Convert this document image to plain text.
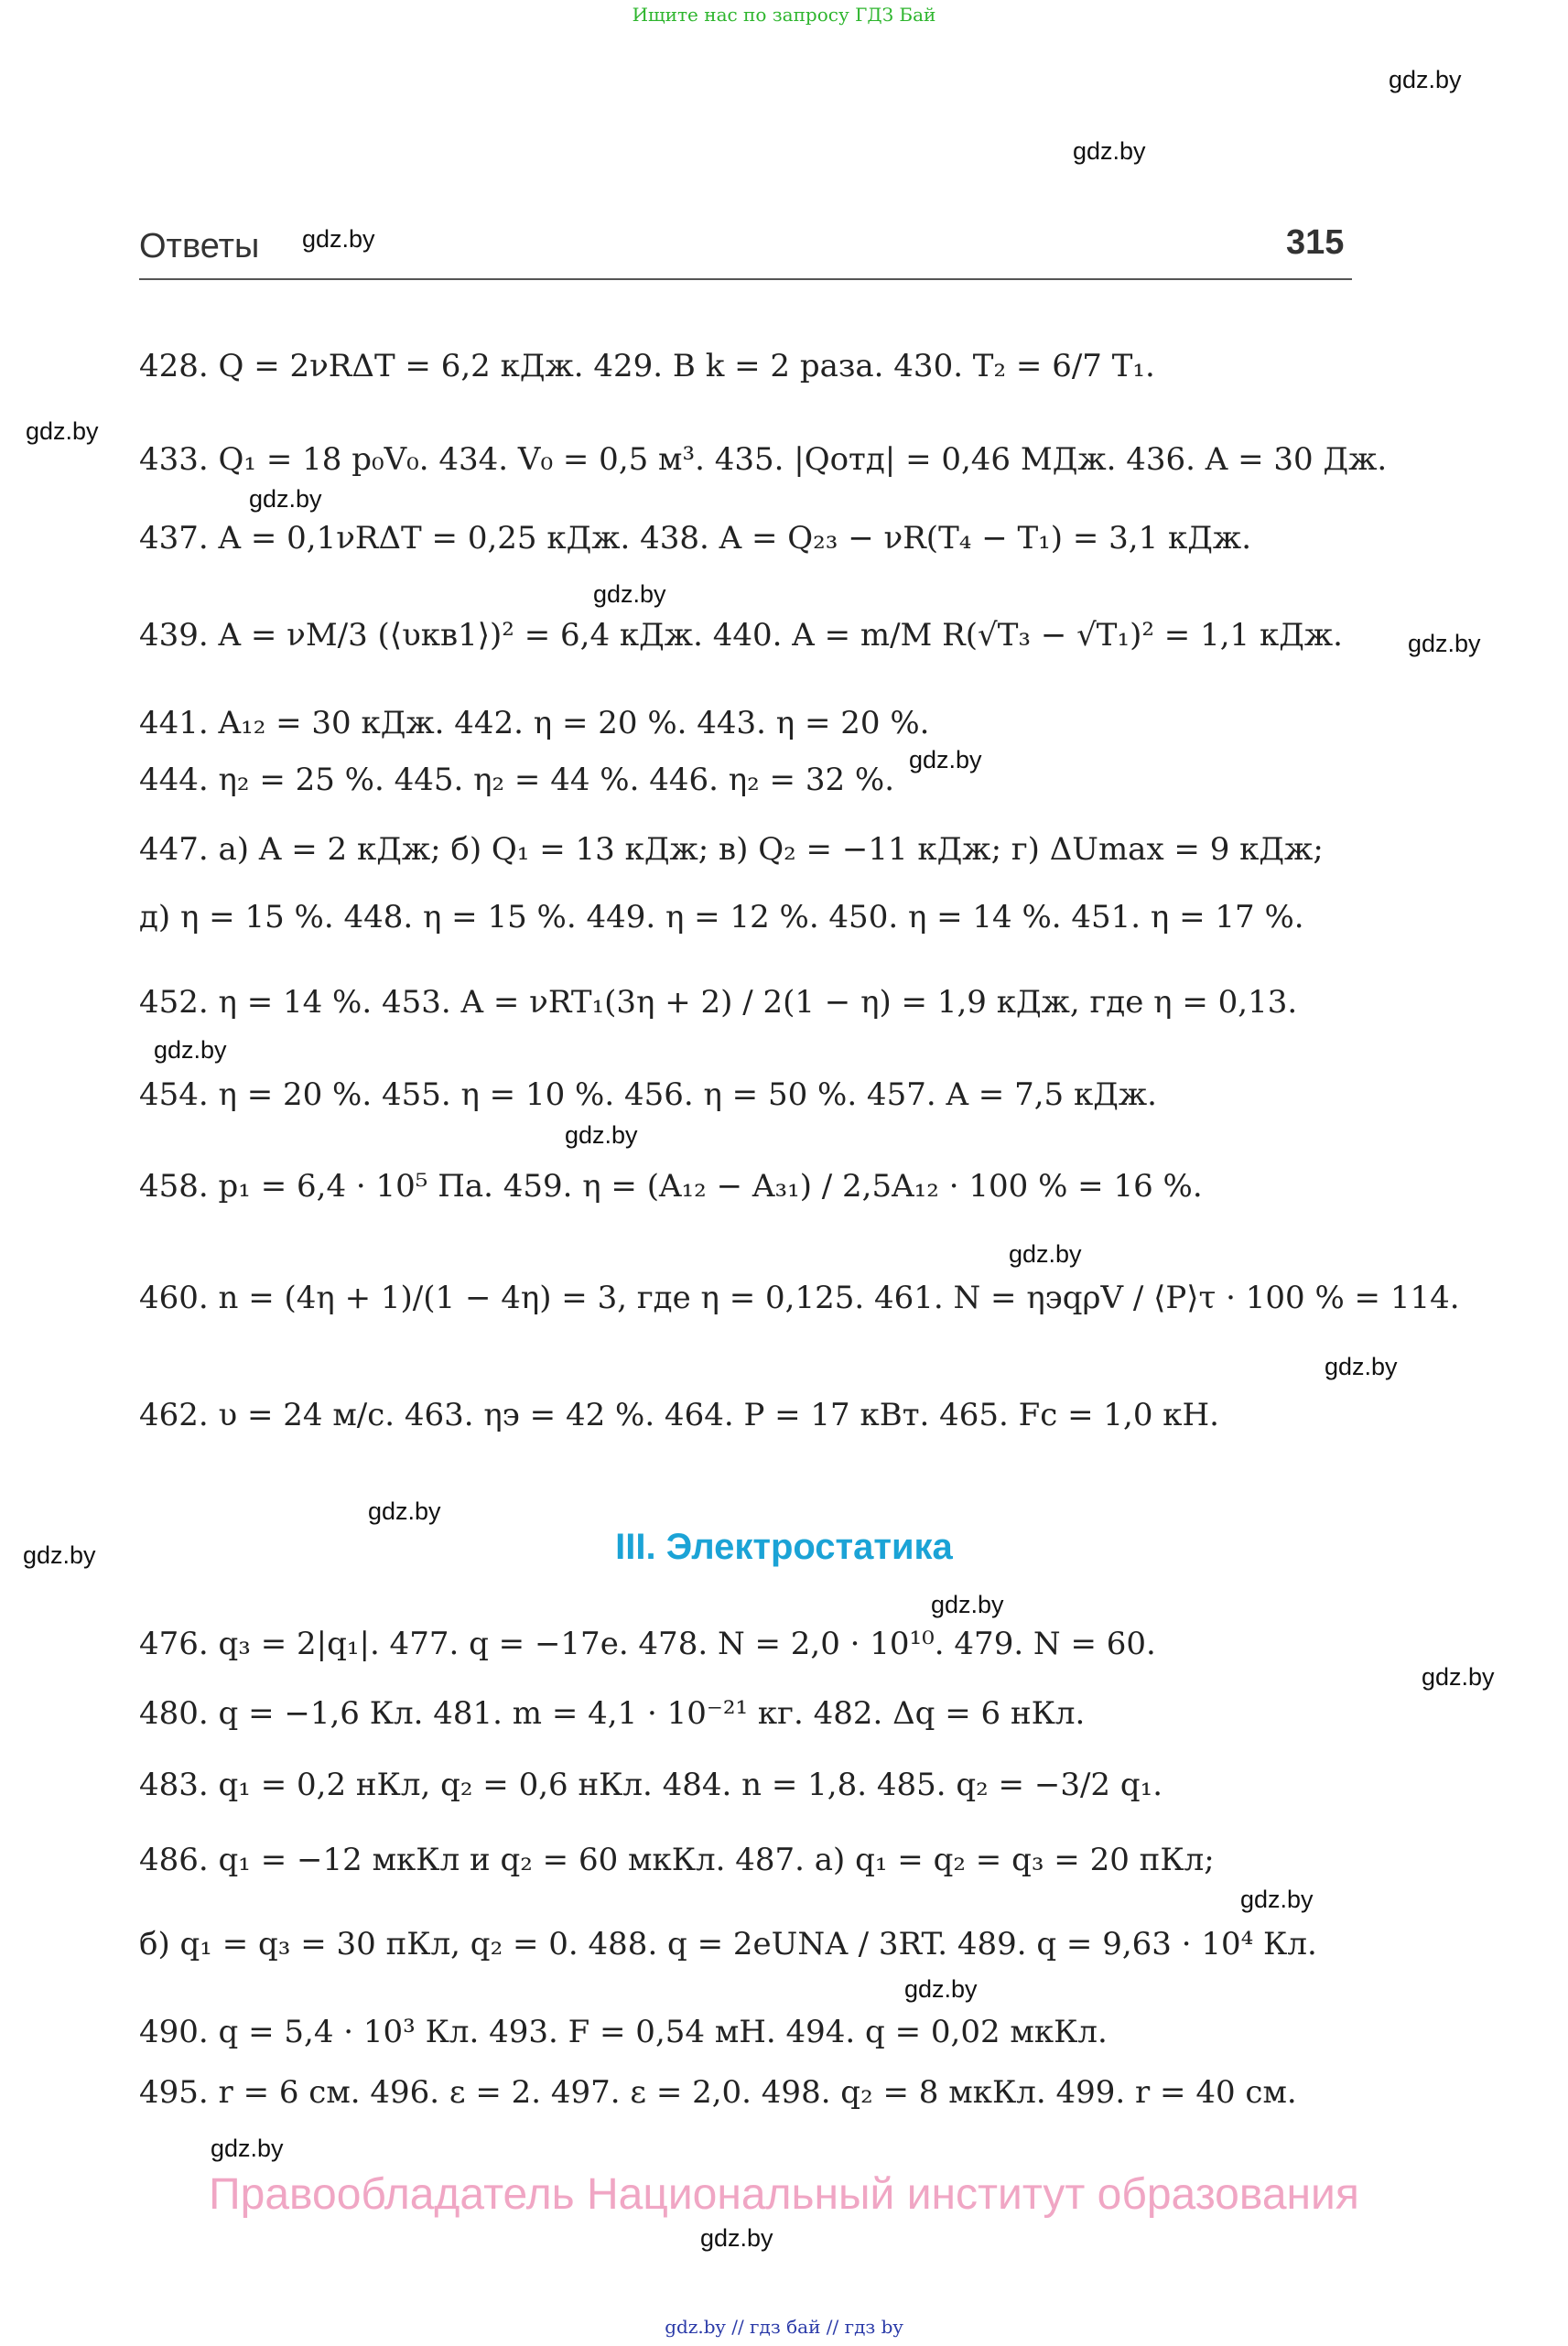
Ищите нас по запросу ГДЗ Бай
gdz.by
gdz.by
gdz.by
gdz.by
gdz.by
gdz.by
gdz.by
gdz.by
gdz.by
gdz.by
gdz.by
gdz.by
gdz.by
gdz.by
gdz.by
gdz.by
gdz.by
gdz.by
gdz.by
gdz.by
Ответы	315
428. Q = 2νRΔT = 6,2 кДж. 429. В k = 2 раза. 430. T₂ = 6/7 T₁.
433. Q₁ = 18 p₀V₀. 434. V₀ = 0,5 м³. 435. |Qотд| = 0,46 МДж. 436. A = 30 Дж.
437. A = 0,1νRΔT = 0,25 кДж. 438. A = Q₂₃ − νR(T₄ − T₁) = 3,1 кДж.
439. A = νM/3 (⟨υкв1⟩)² = 6,4 кДж. 440. A = m/M R(√T₃ − √T₁)² = 1,1 кДж.
441. A₁₂ = 30 кДж. 442. η = 20 %. 443. η = 20 %.
444. η₂ = 25 %. 445. η₂ = 44 %. 446. η₂ = 32 %.
447. а) A = 2 кДж; б) Q₁ = 13 кДж; в) Q₂ = −11 кДж; г) ΔUmax = 9 кДж;
д) η = 15 %. 448. η = 15 %. 449. η = 12 %. 450. η = 14 %. 451. η = 17 %.
452. η = 14 %. 453. A = νRT₁(3η + 2) / 2(1 − η) = 1,9 кДж, где η = 0,13.
454. η = 20 %. 455. η = 10 %. 456. η = 50 %. 457. A = 7,5 кДж.
458. p₁ = 6,4 · 10⁵ Па. 459. η = (A₁₂ − A₃₁) / 2,5A₁₂ · 100 % = 16 %.
460. n = (4η + 1)/(1 − 4η) = 3, где η = 0,125. 461. N = ηэqρV / ⟨P⟩τ · 100 % = 114.
462. υ = 24 м/с. 463. ηэ = 42 %. 464. P = 17 кВт. 465. Fс = 1,0 кН.
III. Электростатика
476. q₃ = 2|q₁|. 477. q = −17e. 478. N = 2,0 · 10¹⁰. 479. N = 60.
480. q = −1,6 Кл. 481. m = 4,1 · 10⁻²¹ кг. 482. Δq = 6 нКл.
483. q₁ = 0,2 нКл, q₂ = 0,6 нКл. 484. n = 1,8. 485. q₂ = −3/2 q₁.
486. q₁ = −12 мкКл и q₂ = 60 мкКл. 487. а) q₁ = q₂ = q₃ = 20 пКл;
б) q₁ = q₃ = 30 пКл, q₂ = 0. 488. q = 2eUNА / 3RT. 489. q = 9,63 · 10⁴ Кл.
490. q = 5,4 · 10³ Кл. 493. F = 0,54 мН. 494. q = 0,02 мкКл.
495. r = 6 см. 496. ε = 2. 497. ε = 2,0. 498. q₂ = 8 мкКл. 499. r = 40 см.
Правообладатель Национальный институт образования
gdz.by // гдз бай // гдз by
